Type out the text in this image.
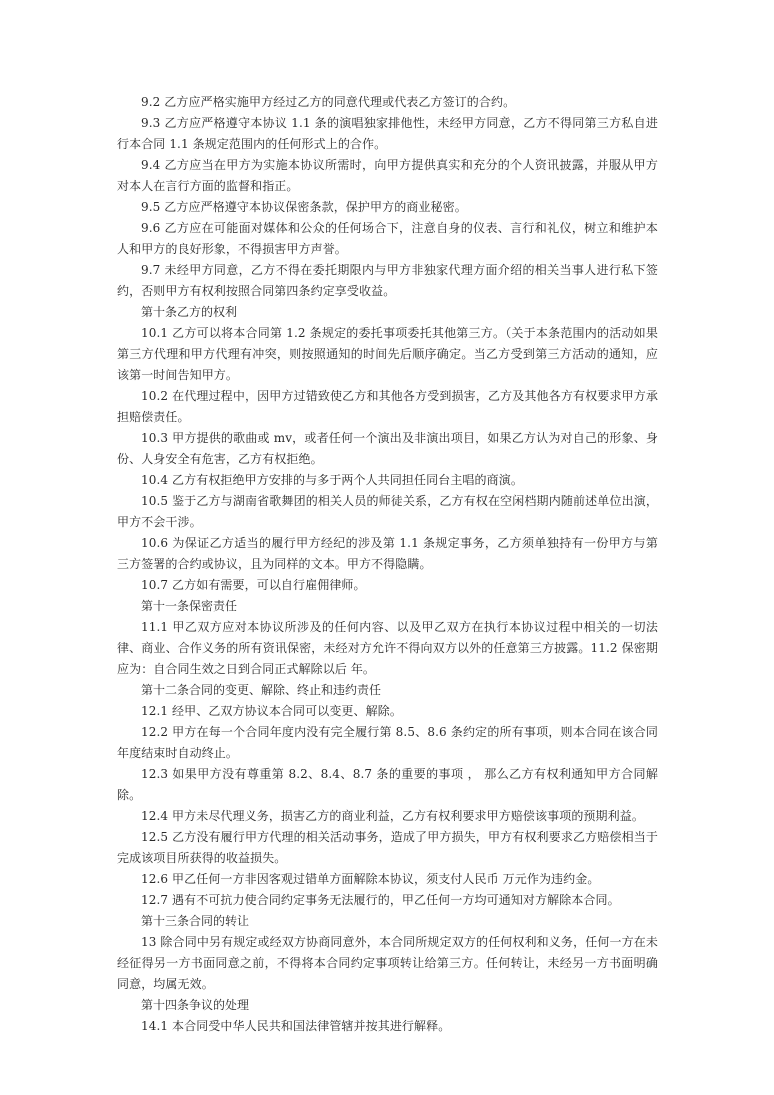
9.2 乙方应严格实施甲方经过乙方的同意代理或代表乙方签订的合约。

9.3 乙方应严格遵守本协议 1.1 条的演唱独家排他性，未经甲方同意，乙方不得同第三方私自进行本合同 1.1 条规定范围内的任何形式上的合作。

9.4 乙方应当在甲方为实施本协议所需时，向甲方提供真实和充分的个人资讯披露，并服从甲方对本人在言行方面的监督和指正。

9.5 乙方应严格遵守本协议保密条款，保护甲方的商业秘密。

9.6 乙方应在可能面对媒体和公众的任何场合下，注意自身的仪表、言行和礼仪，树立和维护本人和甲方的良好形象，不得损害甲方声誉。

9.7 未经甲方同意，乙方不得在委托期限内与甲方非独家代理方面介绍的相关当事人进行私下签约，否则甲方有权利按照合同第四条约定享受收益。

第十条乙方的权利

10.1 乙方可以将本合同第 1.2 条规定的委托事项委托其他第三方。（关于本条范围内的活动如果第三方代理和甲方代理有冲突，则按照通知的时间先后顺序确定。当乙方受到第三方活动的通知，应该第一时间告知甲方。

10.2 在代理过程中，因甲方过错致使乙方和其他各方受到损害，乙方及其他各方有权要求甲方承担赔偿责任。

10.3 甲方提供的歌曲或 mv，或者任何一个演出及非演出项目，如果乙方认为对自己的形象、身份、人身安全有危害，乙方有权拒绝。

10.4 乙方有权拒绝甲方安排的与多于两个人共同担任同台主唱的商演。

10.5 鉴于乙方与湖南省歌舞团的相关人员的师徒关系，乙方有权在空闲档期内随前述单位出演，甲方不会干涉。

10.6 为保证乙方适当的履行甲方经纪的涉及第 1.1 条规定事务，乙方须单独持有一份甲方与第三方签署的合约或协议，且为同样的文本。甲方不得隐瞒。

10.7 乙方如有需要，可以自行雇佣律师。

第十一条保密责任

11.1 甲乙双方应对本协议所涉及的任何内容、以及甲乙双方在执行本协议过程中相关的一切法律、商业、合作义务的所有资讯保密，未经对方允许不得向双方以外的任意第三方披露。11.2 保密期应为：自合同生效之日到合同正式解除以后 年。

第十二条合同的变更、解除、终止和违约责任

12.1 经甲、乙双方协议本合同可以变更、解除。

12.2 甲方在每一个合同年度内没有完全履行第 8.5、8.6 条约定的所有事项，则本合同在该合同年度结束时自动终止。

12.3 如果甲方没有尊重第 8.2、8.4、8.7 条的重要的事项 ， 那么乙方有权利通知甲方合同解除。

12.4 甲方未尽代理义务，损害乙方的商业利益，乙方有权利要求甲方赔偿该事项的预期利益。

12.5 乙方没有履行甲方代理的相关活动事务，造成了甲方损失，甲方有权利要求乙方赔偿相当于完成该项目所获得的收益损失。

12.6 甲乙任何一方非因客观过错单方面解除本协议，须支付人民币 万元作为违约金。

12.7 遇有不可抗力使合同约定事务无法履行的，甲乙任何一方均可通知对方解除本合同。

第十三条合同的转让

13 除合同中另有规定或经双方协商同意外，本合同所规定双方的任何权利和义务，任何一方在未经征得另一方书面同意之前，不得将本合同约定事项转让给第三方。任何转让，未经另一方书面明确同意，均属无效。

第十四条争议的处理

14.1 本合同受中华人民共和国法律管辖并按其进行解释。
